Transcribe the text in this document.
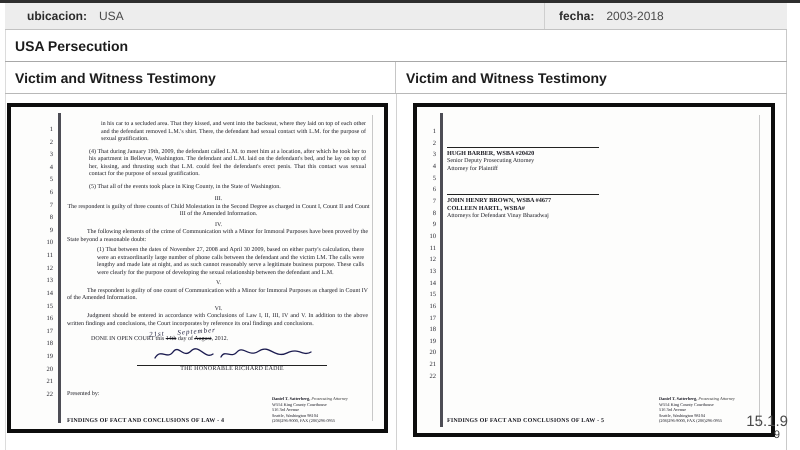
ubicacion: USA	fecha: 2003-2018
USA Persecution
Victim and Witness Testimony	Victim and Witness Testimony
1
2
3
4
5
6
7
8
9
10
11
12
13
14
15
16
17
18
19
20
21
22
in his car to a secluded area. That they kissed, and went into the backseat, where they laid on top of each other and the defendant removed L.M.'s shirt. There, the defendant had sexual contact with L.M. for the purpose of sexual gratification.
(4) That during January 19th, 2009, the defendant called L.M. to meet him at a location, after which he took her to his apartment in Bellevue, Washington. The defendant and L.M. laid on the defendant's bed, and he lay on top of her, kissing, and thrusting such that L.M. could feel the defendant's erect penis. That this contact was sexual contact for the purpose of sexual gratification.
(5) That all of the events took place in King County, in the State of Washington.
III.
The respondent is guilty of three counts of Child Molestation in the Second Degree as charged in Count I, Count II and Count III of the Amended Information.
IV.
The following elements of the crime of Communication with a Minor for Immoral Purposes have been proved by the State beyond a reasonable doubt:
(1) That between the dates of November 27, 2008 and April 30 2009, based on either party's calculation, there were an extraordinarily large number of phone calls between the defendant and the victim LM. The calls were lengthy and made late at night, and as such cannot reasonably serve a legitimate business purpose. These calls were clearly for the purpose of developing the sexual relationship between the defendant and L.M.
V.
The respondent is guilty of one count of Communication with a Minor for Immoral Purposes as charged in Count IV of the Amended Information.
VI.
Judgment should be entered in accordance with Conclusions of Law I, II, III, IV and V. In addition to the above written findings and conclusions, the Court incorporates by reference its oral findings and conclusions.
21st September
DONE IN OPEN COURT this 14th day of August, 2012.
THE HONORABLE RICHARD EADIE
Presented by:
FINDINGS OF FACT AND CONCLUSIONS OF LAW - 4
Daniel T. Satterberg, Prosecuting Attorney
W554 King County Courthouse
516 3rd Avenue
Seattle, Washington 98104
(206)296-9000, FAX (206)296-0955
1
2
3
4
5
6
7
8
9
10
11
12
13
14
15
16
17
18
19
20
21
22
HUGH BARBER, WSBA #20420
Senior Deputy Prosecuting Attorney
Attorney for Plaintiff
JOHN HENRY BROWN, WSBA #4677
COLLEEN HARTL, WSBA#
Attorneys for Defendant Vinay Bharadwaj
FINDINGS OF FACT AND CONCLUSIONS OF LAW - 5
Daniel T. Satterberg, Prosecuting Attorney
W554 King County Courthouse
516 3rd Avenue
Seattle, Washington 98104
(206)296-9000, FAX (206)296-0955	15.1.9
9
